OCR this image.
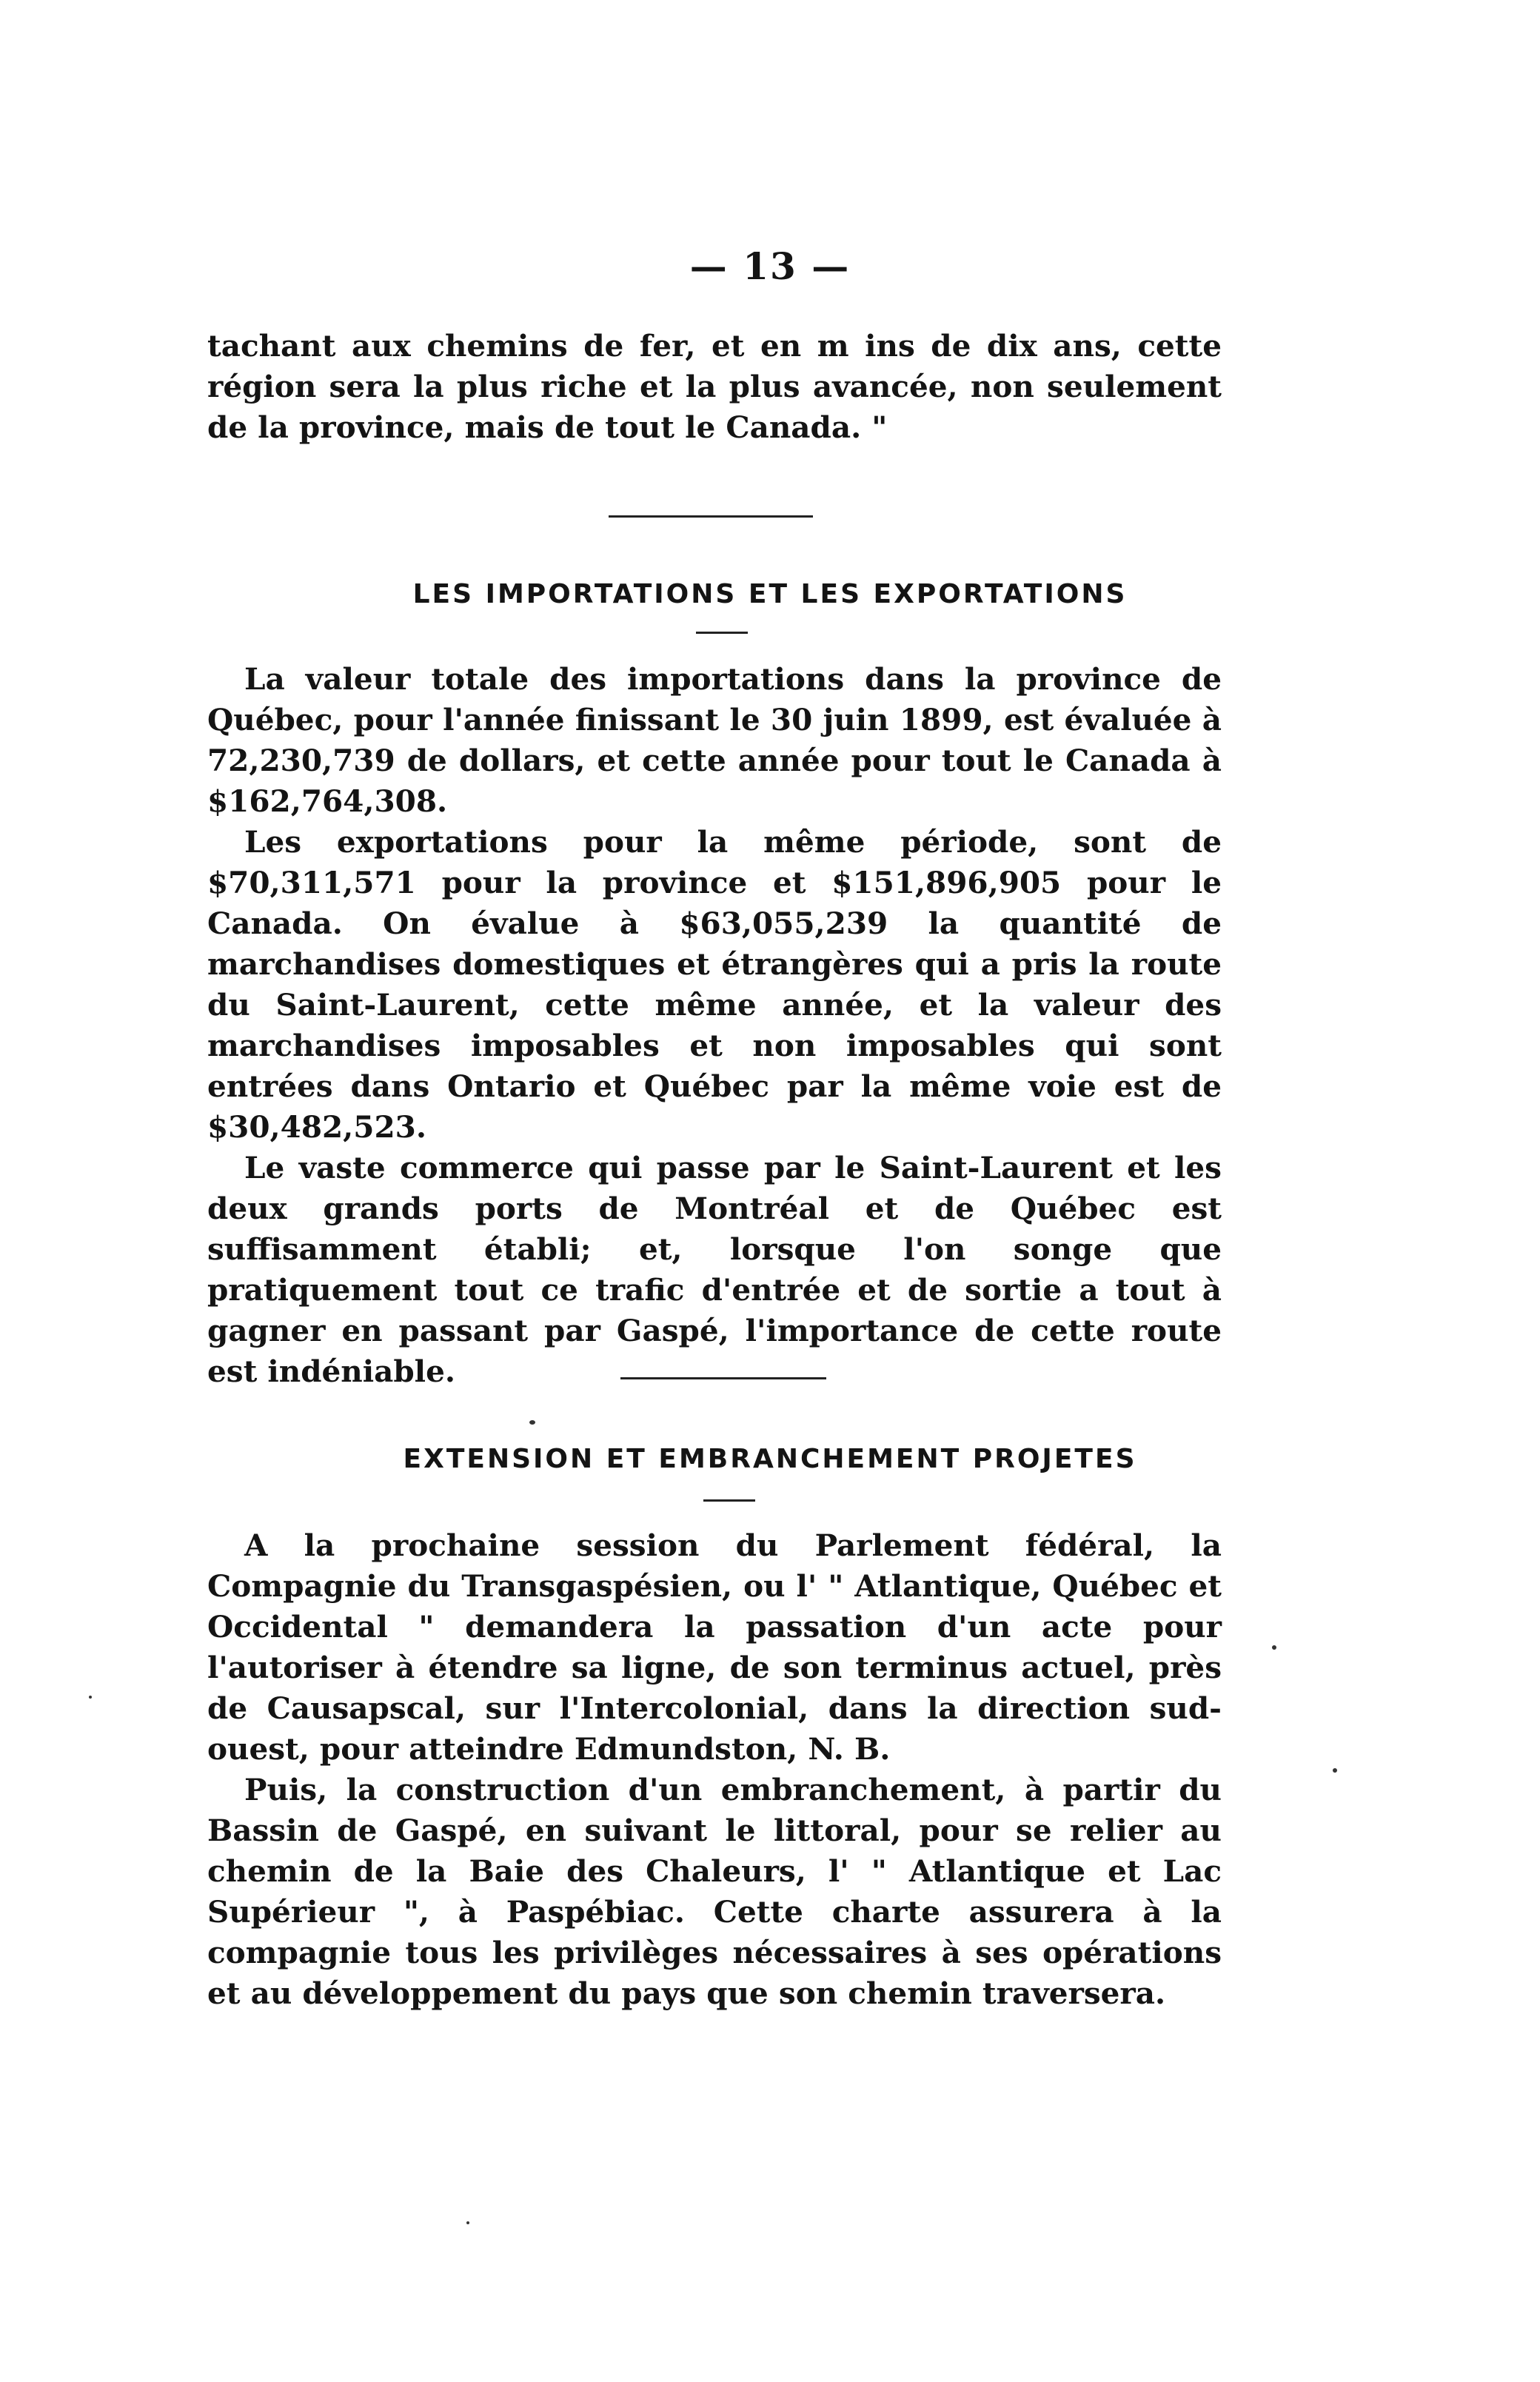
— 13 —

tachant aux chemins de fer, et en m ins de dix ans, cette région sera la plus riche et la plus avancée, non seulement de la province, mais de tout le Canada. "

LES IMPORTATIONS ET LES EXPORTATIONS

La valeur totale des importations dans la province de Québec, pour l'année finissant le 30 juin 1899, est évaluée à 72,230,739 de dollars, et cette année pour tout le Canada à $162,764,308.

Les exportations pour la même période, sont de $70,311,571 pour la province et $151,896,905 pour le Canada. On évalue à $63,055,239 la quantité de marchandises domestiques et étrangères qui a pris la route du Saint-Laurent, cette même année, et la valeur des marchandises imposables et non imposables qui sont entrées dans Ontario et Québec par la même voie est de $30,482,523.

Le vaste commerce qui passe par le Saint-Laurent et les deux grands ports de Montréal et de Québec est suffisamment établi; et, lorsque l'on songe que pratiquement tout ce trafic d'entrée et de sortie a tout à gagner en passant par Gaspé, l'importance de cette route est indéniable.

EXTENSION ET EMBRANCHEMENT PROJETES

A la prochaine session du Parlement fédéral, la Compagnie du Transgaspésien, ou l' " Atlantique, Québec et Occidental " demandera la passation d'un acte pour l'autoriser à étendre sa ligne, de son terminus actuel, près de Causapscal, sur l'Intercolonial, dans la direction sud-ouest, pour atteindre Edmundston, N. B.

Puis, la construction d'un embranchement, à partir du Bassin de Gaspé, en suivant le littoral, pour se relier au chemin de la Baie des Chaleurs, l' " Atlantique et Lac Supérieur ", à Paspébiac. Cette charte assurera à la compagnie tous les privilèges nécessaires à ses opérations et au développement du pays que son chemin traversera.
